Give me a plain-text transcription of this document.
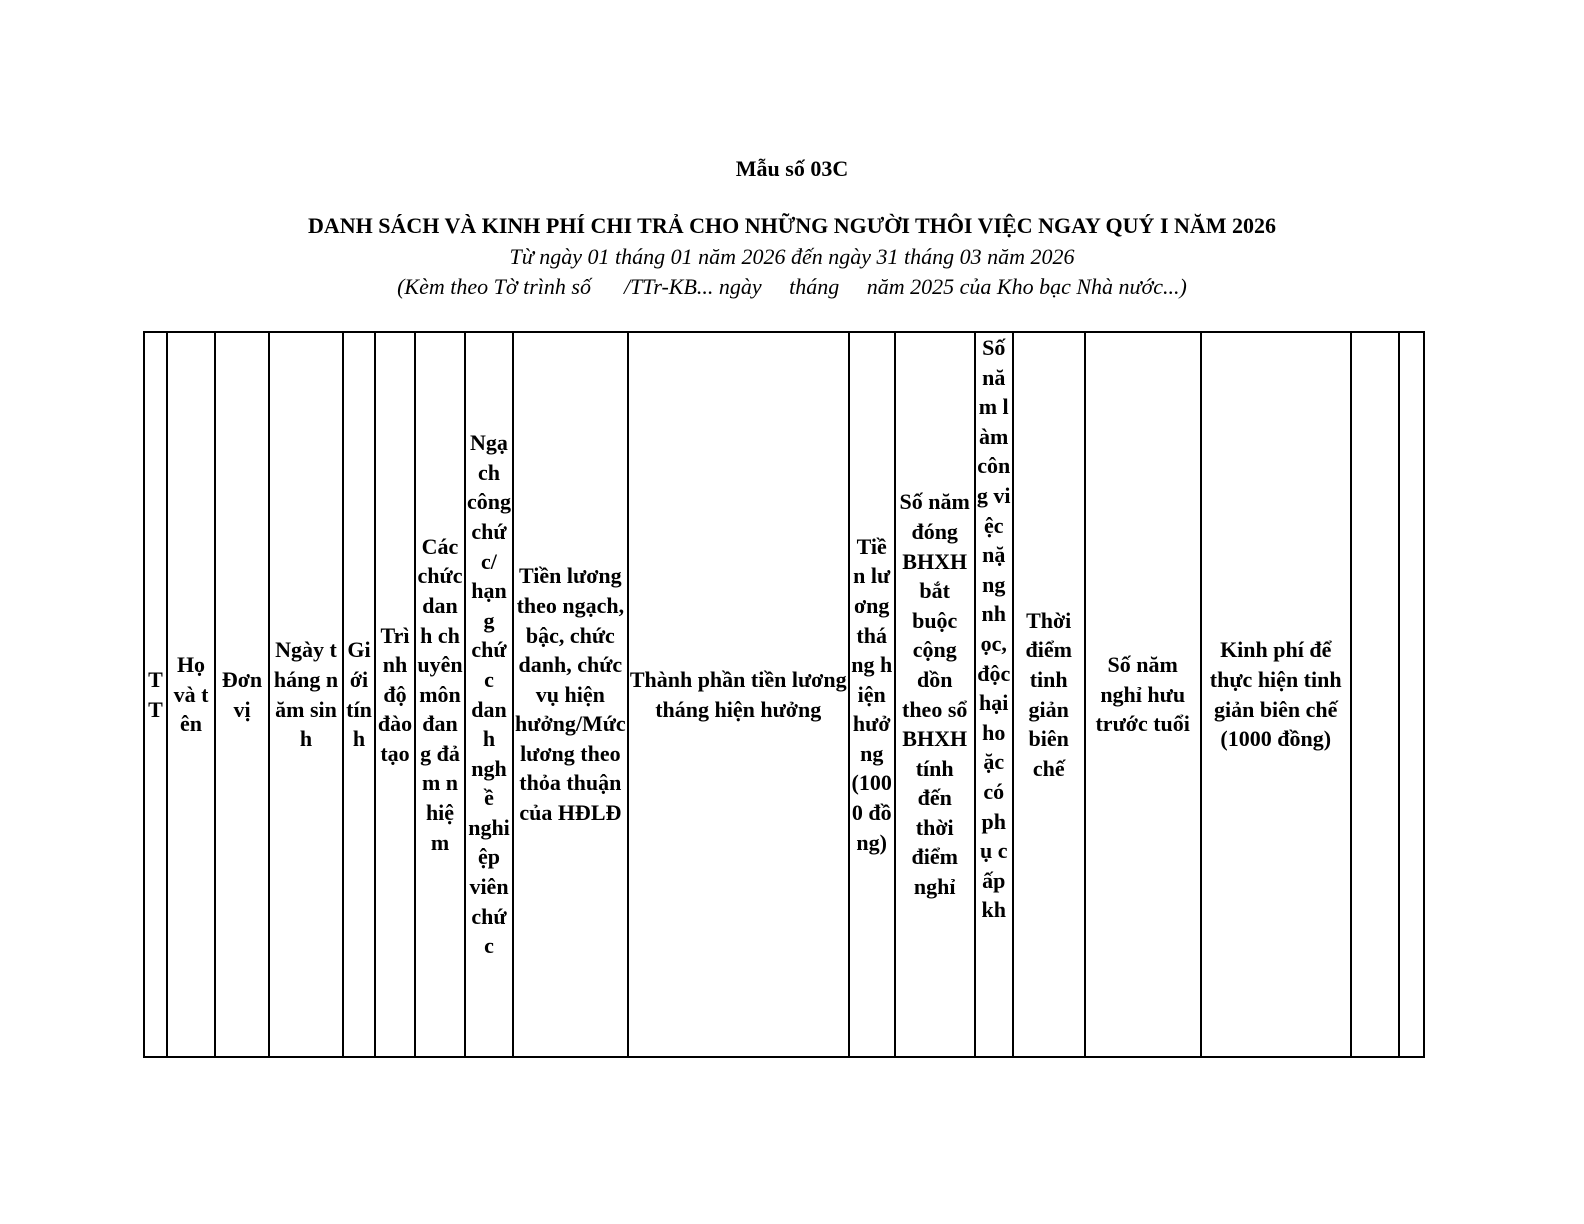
Mẫu số 03C
DANH SÁCH VÀ KINH PHÍ CHI TRẢ CHO NHỮNG NGƯỜI THÔI VIỆC NGAY QUÝ I NĂM 2026
Từ ngày 01 tháng 01 năm 2026 đến ngày 31 tháng 03 năm 2026
(Kèm theo Tờ trình số      /TTr-KB... ngày     tháng     năm 2025 của Kho bạc Nhà nước...)
TT	Họ và tên	Đơn vị	Ngày tháng năm sinh	Giới tính	Trình độ đào tạo	Các chức danh chuyên môn đang đảm nhiệm	Ngạch công chức/ hạng chức danh nghề nghiệp viên chức	Tiền lương theo ngạch, bậc, chức danh, chức vụ hiện hưởng/Mức lương theo thỏa thuận của HĐLĐ	Thành phần tiền lương tháng hiện hưởng	Tiền lương tháng hiện hưởng (1000 đồng)	Số năm đóng BHXH bắt buộc cộng dồn theo sổ BHXH tính đến thời điểm nghỉ	Số năm làm công việc nặng nhọc, độc hại hoặc có phụ cấp kh	Thời điểm tinh giản biên chế	Số năm nghỉ hưu trước tuổi	Kinh phí để thực hiện tinh giản biên chế (1000 đồng)		
